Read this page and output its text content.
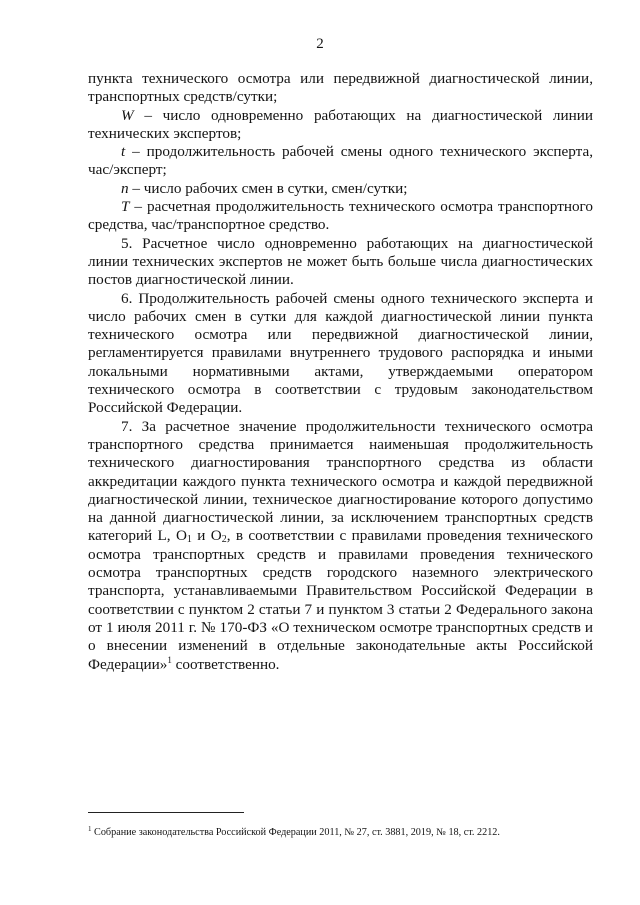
2

пункта технического осмотра или передвижной диагностической линии, транспортных средств/сутки;

W – число одновременно работающих на диагностической линии технических экспертов;

t – продолжительность рабочей смены одного технического эксперта, час/эксперт;

n – число рабочих смен в сутки, смен/сутки;

T – расчетная продолжительность технического осмотра транспортного средства, час/транспортное средство.

5. Расчетное число одновременно работающих на диагностической линии технических экспертов не может быть больше числа диагностических постов диагностической линии.

6. Продолжительность рабочей смены одного технического эксперта и число рабочих смен в сутки для каждой диагностической линии пункта технического осмотра или передвижной диагностической линии, регламентируется правилами внутреннего трудового распорядка и иными локальными нормативными актами, утверждаемыми оператором технического осмотра в соответствии с трудовым законодательством Российской Федерации.

7. За расчетное значение продолжительности технического осмотра транспортного средства принимается наименьшая продолжительность технического диагностирования транспортного средства из области аккредитации каждого пункта технического осмотра и каждой передвижной диагностической линии, техническое диагностирование которого допустимо на данной диагностической линии, за исключением транспортных средств категорий L, $O_1$ и $O_2$, в соответствии с правилами проведения технического осмотра транспортных средств и правилами проведения технического осмотра транспортных средств городского наземного электрического транспорта, устанавливаемыми Правительством Российской Федерации в соответствии с пунктом 2 статьи 7 и пунктом 3 статьи 2 Федерального закона от 1 июля 2011 г. № 170-ФЗ «О техническом осмотре транспортных средств и о внесении изменений в отдельные законодательные акты Российской Федерации»$^1$ соответственно.

$^1$ Собрание законодательства Российской Федерации 2011, № 27, ст. 3881, 2019, № 18, ст. 2212.
